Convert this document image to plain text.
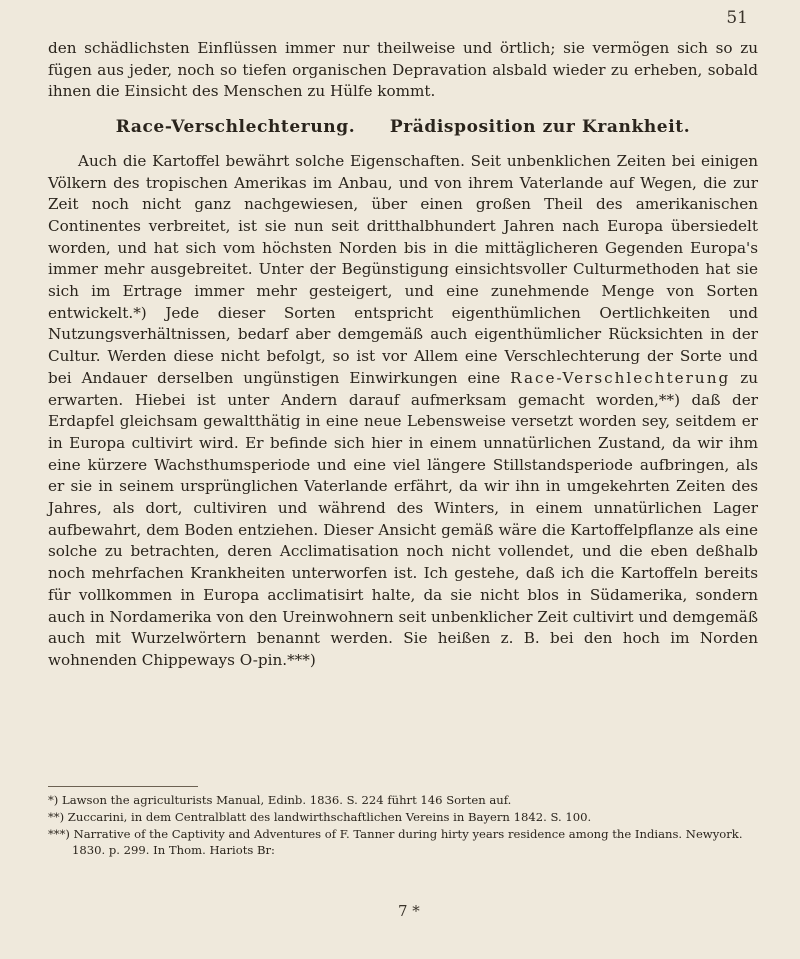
51

den schädlichsten Einflüssen immer nur theilweise und örtlich; sie vermögen sich so zu fügen aus jeder, noch so tiefen organischen Depravation alsbald wieder zu erheben, sobald ihnen die Einsicht des Menschen zu Hülfe kommt.

Race-Verschlechterung. Prädisposition zur Krankheit.

Auch die Kartoffel bewährt solche Eigenschaften. Seit unbenklichen Zeiten bei einigen Völkern des tropischen Amerikas im Anbau, und von ihrem Vaterlande auf Wegen, die zur Zeit noch nicht ganz nachgewiesen, über einen großen Theil des amerikanischen Continentes verbreitet, ist sie nun seit dritthalbhundert Jahren nach Europa übersiedelt worden, und hat sich vom höchsten Norden bis in die mittäglicheren Gegenden Europa's immer mehr ausgebreitet. Unter der Begünstigung einsichtsvoller Culturmethoden hat sie sich im Ertrage immer mehr gesteigert, und eine zunehmende Menge von Sorten entwickelt.*) Jede dieser Sorten entspricht eigenthümlichen Oertlichkeiten und Nutzungsverhältnissen, bedarf aber demgemäß auch eigenthümlicher Rücksichten in der Cultur. Werden diese nicht befolgt, so ist vor Allem eine Verschlechterung der Sorte und bei Andauer derselben ungünstigen Einwirkungen eine Race-Verschlechterung zu erwarten. Hiebei ist unter Andern darauf aufmerksam gemacht worden,**) daß der Erdapfel gleichsam gewaltthätig in eine neue Lebensweise versetzt worden sey, seitdem er in Europa cultivirt wird. Er befinde sich hier in einem unnatürlichen Zustand, da wir ihm eine kürzere Wachsthumsperiode und eine viel längere Stillstandsperiode aufbringen, als er sie in seinem ursprünglichen Vaterlande erfährt, da wir ihn in umgekehrten Zeiten des Jahres, als dort, cultiviren und während des Winters, in einem unnatürlichen Lager aufbewahrt, dem Boden entziehen. Dieser Ansicht gemäß wäre die Kartoffelpflanze als eine solche zu betrachten, deren Acclimatisation noch nicht vollendet, und die eben deßhalb noch mehrfachen Krankheiten unterworfen ist. Ich gestehe, daß ich die Kartoffeln bereits für vollkommen in Europa acclimatisirt halte, da sie nicht blos in Südamerika, sondern auch in Nordamerika von den Ureinwohnern seit unbenklicher Zeit cultivirt und demgemäß auch mit Wurzelwörtern benannt werden. Sie heißen z. B. bei den hoch im Norden wohnenden Chippeways O-pin.***)

*) Lawson the agriculturists Manual, Edinb. 1836. S. 224 führt 146 Sorten auf.

**) Zuccarini, in dem Centralblatt des landwirthschaftlichen Vereins in Bayern 1842. S. 100.

***) Narrative of the Captivity and Adventures of F. Tanner during hirty years residence among the Indians. Newyork. 1830. p. 299. In Thom. Hariots Br:

7 *
